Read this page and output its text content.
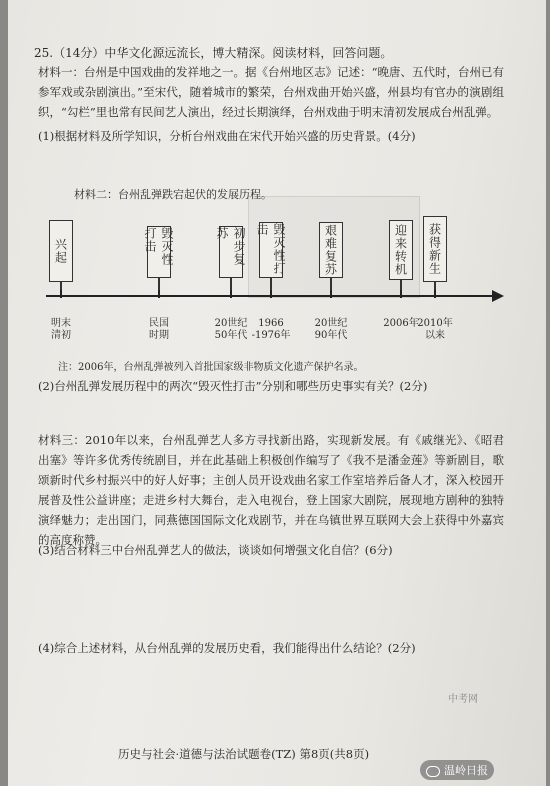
25.（14分）中华文化源远流长，博大精深。阅读材料，回答问题。
材料一：台州是中国戏曲的发祥地之一。据《台州地区志》记述：“晚唐、五代时，台州已有参军戏或杂剧演出。”至宋代，随着城市的繁荣，台州戏曲开始兴盛，州县均有官办的演剧组织，“勾栏”里也常有民间艺人演出，经过长期演绎，台州戏曲于明末清初发展成台州乱弹。
(1)根据材料及所学知识，分析台州戏曲在宋代开始兴盛的历史背景。(4分)
材料二：台州乱弹跌宕起伏的发展历程。
兴起
明末
清初
毁灭性打击
民国
时期
初步复苏
20世纪
50年代
毁灭性打击
1966
-1976年
艰难复苏
20世纪
90年代
迎来转机
2006年
获得新生
2010年
以来
注：2006年，台州乱弹被列入首批国家级非物质文化遗产保护名录。
(2)台州乱弹发展历程中的两次“毁灭性打击”分别和哪些历史事实有关？(2分)
材料三：2010年以来，台州乱弹艺人多方寻找新出路，实现新发展。有《戚继光》、《昭君出塞》等许多优秀传统剧目，并在此基础上积极创作编写了《我不是潘金莲》等新剧目，歌颂新时代乡村振兴中的好人好事；主创人员开设戏曲名家工作室培养后备人才，深入校园开展普及性公益讲座；走进乡村大舞台，走入电视台，登上国家大剧院，展现地方剧种的独特演绎魅力；走出国门，同燕德国国际文化戏剧节，并在乌镇世界互联网大会上获得中外嘉宾的高度称赞。
(3)结合材料三中台州乱弹艺人的做法，谈谈如何增强文化自信？(6分)
(4)综合上述材料，从台州乱弹的发展历史看，我们能得出什么结论？(2分)
中考网
历史与社会·道德与法治试题卷(TZ) 第8页(共8页)
温岭日报
